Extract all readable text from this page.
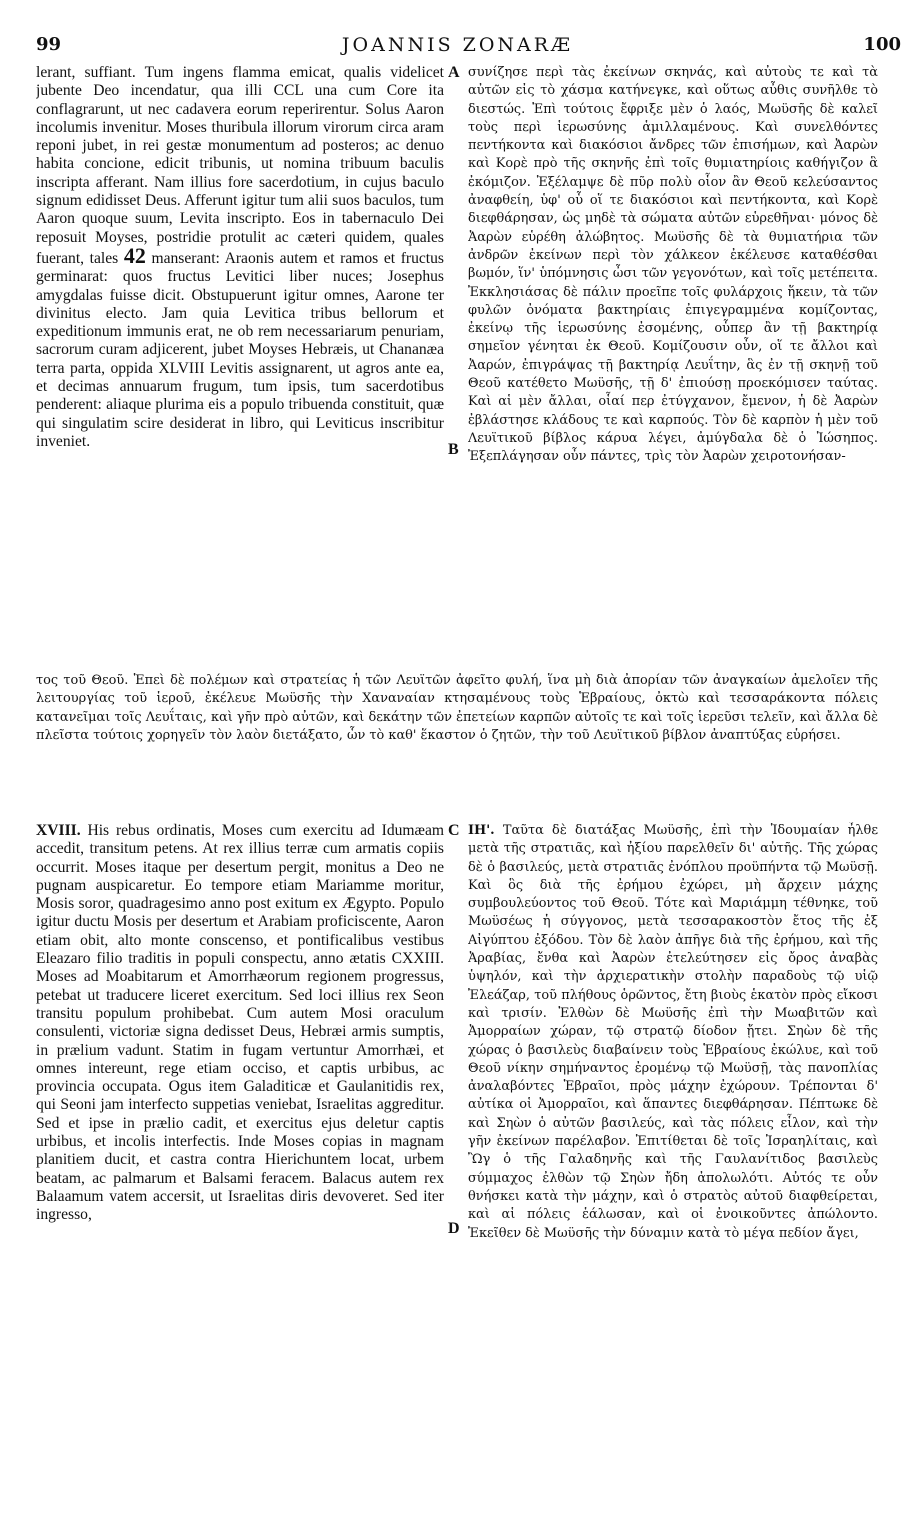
99	JOANNIS ZONARÆ	100
A
B
C
D

lerant, suffiant. Tum ingens flamma emicat, qualis videlicet jubente Deo incendatur, qua illi CCL una cum Core ita conflagrarunt, ut nec cadavera eorum reperirentur. Solus Aaron incolumis invenitur. Moses thuribula illorum virorum circa aram reponi jubet, in rei gestæ monumentum ad posteros; ac denuo habita concione, edicit tribunis, ut nomina tribuum baculis inscripta afferant. Nam illius fore sacerdotium, in cujus baculo signum edidisset Deus. Afferunt igitur tum alii suos baculos, tum Aaron quoque suum, Levita inscripto. Eos in tabernaculo Dei reposuit Moyses, postridie protulit ac cæteri quidem, quales fuerant, tales 42 manserant: Araonis autem et ramos et fructus germinarat: quos fructus Levitici liber nuces; Josephus amygdalas fuisse dicit. Obstupuerunt igitur omnes, Aarone ter divinitus electo. Jam quia Levitica tribus bellorum et expeditionum immunis erat, ne ob rem necessariarum penuriam, sacrorum curam adjicerent, jubet Moyses Hebræis, ut Chananæa terra parta, oppida XLVIII Levitis assignarent, ut agros ante ea, et decimas annuarum frugum, tum ipsis, tum sacerdotibus penderent: aliaque plurima eis a populo tribuenda constituit, quæ qui singulatim scire desiderat in libro, qui Leviticus inscribitur inveniet.

συνίζησε περὶ τὰς ἐκείνων σκηνάς, καὶ αὐτοὺς τε καὶ τὰ αὐτῶν εἰς τὸ χάσμα κατήνεγκε, καὶ οὕτως αὖθις συνῆλθε τὸ διεστώς. Ἐπὶ τούτοις ἔφριξε μὲν ὁ λαός, Μωϋσῆς δὲ καλεῖ τοὺς περὶ ἱερωσύνης ἁμιλλαμένους. Καὶ συνελθόντες πεντήκοντα καὶ διακόσιοι ἄνδρες τῶν ἐπισήμων, καὶ Ἀαρὼν καὶ Κορὲ πρὸ τῆς σκηνῆς ἐπὶ τοῖς θυμιατηρίοις καθήγιζον ἃ ἐκόμιζον. Ἐξέλαμψε δὲ πῦρ πολὺ οἷον ἂν Θεοῦ κελεύσαντος ἀναφθείη, ὑφ' οὗ οἵ τε διακόσιοι καὶ πεντήκοντα, καὶ Κορὲ διεφθάρησαν, ὡς μηδὲ τὰ σώματα αὐτῶν εὑρεθῆναι· μόνος δὲ Ἀαρὼν εὑρέθη ἀλώβητος. Μωϋσῆς δὲ τὰ θυμιατήρια τῶν ἀνδρῶν ἐκείνων περὶ τὸν χάλκεον ἐκέλευσε καταθέσθαι βωμόν, ἵν' ὑπόμνησις ὦσι τῶν γεγονότων, καὶ τοῖς μετέπειτα. Ἐκκλησιάσας δὲ πάλιν προεῖπε τοῖς φυλάρχοις ἥκειν, τὰ τῶν φυλῶν ὀνόματα βακτηρίαις ἐπιγεγραμμένα κομίζοντας, ἐκείνῳ τῆς ἱερωσύνης ἐσομένης, οὗπερ ἂν τῇ βακτηρίᾳ σημεῖον γένηται ἐκ Θεοῦ. Κομίζουσιν οὖν, οἵ τε ἄλλοι καὶ Ἀαρών, ἐπιγράψας τῇ βακτηρίᾳ Λευΐτην, ἃς ἐν τῇ σκηνῇ τοῦ Θεοῦ κατέθετο Μωϋσῆς, τῇ δ' ἐπιούσῃ προεκόμισεν ταύτας. Καὶ αἱ μὲν ἄλλαι, οἷαί περ ἐτύγχανον, ἔμενον, ἡ δὲ Ἀαρὼν ἐβλάστησε κλάδους τε καὶ καρπούς. Τὸν δὲ καρπὸν ἡ μὲν τοῦ Λευϊτικοῦ βίβλος κάρυα λέγει, ἀμύγδαλα δὲ ὁ Ἰώσηπος. Ἐξεπλάγησαν οὖν πάντες, τρὶς τὸν Ἀαρὼν χειροτονήσαν-

τος τοῦ Θεοῦ. Ἐπεὶ δὲ πολέμων καὶ στρατείας ἡ τῶν Λευϊτῶν ἀφεῖτο φυλή, ἵνα μὴ διὰ ἀπορίαν τῶν ἀναγκαίων ἀμελοῖεν τῆς λειτουργίας τοῦ ἱεροῦ, ἐκέλευε Μωϋσῆς τὴν Χαναναίαν κτησαμένους τοὺς Ἑβραίους, ὀκτὼ καὶ τεσσαράκοντα πόλεις κατανεῖμαι τοῖς Λευΐταις, καὶ γῆν πρὸ αὐτῶν, καὶ δεκάτην τῶν ἐπετείων καρπῶν αὐτοῖς τε καὶ τοῖς ἱερεῦσι τελεῖν, καὶ ἄλλα δὲ πλεῖστα τούτοις χορηγεῖν τὸν λαὸν διετάξατο, ὧν τὸ καθ' ἕκαστον ὁ ζητῶν, τὴν τοῦ Λευϊτικοῦ βίβλον ἀναπτύξας εὑρήσει.

XVIII. His rebus ordinatis, Moses cum exercitu ad Idumæam accedit, transitum petens. At rex illius terræ cum armatis copiis occurrit. Moses itaque per desertum pergit, monitus a Deo ne pugnam auspicaretur. Eo tempore etiam Mariamme moritur, Mosis soror, quadragesimo anno post exitum ex Ægypto. Populo igitur ductu Mosis per desertum et Arabiam proficiscente, Aaron etiam obit, alto monte conscenso, et pontificalibus vestibus Eleazaro filio traditis in populi conspectu, anno ætatis CXXIII. Moses ad Moabitarum et Amorrhæorum regionem progressus, petebat ut traducere liceret exercitum. Sed loci illius rex Seon transitu populum prohibebat. Cum autem Mosi oraculum consulenti, victoriæ signa dedisset Deus, Hebræi armis sumptis, in prælium vadunt. Statim in fugam vertuntur Amorrhæi, et omnes intereunt, rege etiam occiso, et captis urbibus, ac provincia occupata. Ogus item Galaditicæ et Gaulanitidis rex, qui Seoni jam interfecto suppetias veniebat, Israelitas aggreditur. Sed et ipse in prælio cadit, et exercitus ejus deletur captis urbibus, et incolis interfectis. Inde Moses copias in magnam planitiem ducit, et castra contra Hierichuntem locat, urbem beatam, ac palmarum et Balsami feracem. Balacus autem rex Balaamum vatem accersit, ut Israelitas diris devoveret. Sed iter ingresso,

ΙΗ'. Ταῦτα δὲ διατάξας Μωϋσῆς, ἐπὶ τὴν Ἰδουμαίαν ἦλθε μετὰ τῆς στρατιᾶς, καὶ ἠξίου παρελθεῖν δι' αὐτῆς. Τῆς χώρας δὲ ὁ βασιλεύς, μετὰ στρατιᾶς ἐνόπλου προϋπήντα τῷ Μωϋσῇ. Καὶ ὃς διὰ τῆς ἐρήμου ἐχώρει, μὴ ἄρχειν μάχης συμβουλεύοντος τοῦ Θεοῦ. Τότε καὶ Μαριάμμη τέθνηκε, τοῦ Μωϋσέως ἡ σύγγονος, μετὰ τεσσαρακοστὸν ἔτος τῆς ἐξ Αἰγύπτου ἐξόδου. Τὸν δὲ λαὸν ἀπῆγε διὰ τῆς ἐρήμου, καὶ τῆς Ἀραβίας, ἔνθα καὶ Ἀαρὼν ἐτελεύτησεν εἰς ὄρος ἀναβὰς ὑψηλόν, καὶ τὴν ἀρχιερατικὴν στολὴν παραδοὺς τῷ υἱῷ Ἐλεάζαρ, τοῦ πλήθους ὁρῶντος, ἔτη βιοὺς ἑκατὸν πρὸς εἴκοσι καὶ τρισίν. Ἐλθὼν δὲ Μωϋσῆς ἐπὶ τὴν Μωαβιτῶν καὶ Ἀμορραίων χώραν, τῷ στρατῷ δίοδον ᾔτει. Σηὼν δὲ τῆς χώρας ὁ βασιλεὺς διαβαίνειν τοὺς Ἑβραίους ἐκώλυε, καὶ τοῦ Θεοῦ νίκην σημήναντος ἐρομένῳ τῷ Μωϋσῇ, τὰς πανοπλίας ἀναλαβόντες Ἑβραῖοι, πρὸς μάχην ἐχώρουν. Τρέπονται δ' αὐτίκα οἱ Ἀμορραῖοι, καὶ ἅπαντες διεφθάρησαν. Πέπτωκε δὲ καὶ Σηὼν ὁ αὐτῶν βασιλεύς, καὶ τὰς πόλεις εἷλον, καὶ τὴν γῆν ἐκείνων παρέλαβον. Ἐπιτίθεται δὲ τοῖς Ἰσραηλίταις, καὶ Ὢγ ὁ τῆς Γαλαδηνῆς καὶ τῆς Γαυλανίτιδος βασιλεὺς σύμμαχος ἐλθὼν τῷ Σηὼν ἤδη ἀπολωλότι. Αὐτός τε οὖν θνήσκει κατὰ τὴν μάχην, καὶ ὁ στρατὸς αὐτοῦ διαφθείρεται, καὶ αἱ πόλεις ἑάλωσαν, καὶ οἱ ἐνοικοῦντες ἀπώλοντο. Ἐκεῖθεν δὲ Μωϋσῆς τὴν δύναμιν κατὰ τὸ μέγα πεδίον ἄγει,
